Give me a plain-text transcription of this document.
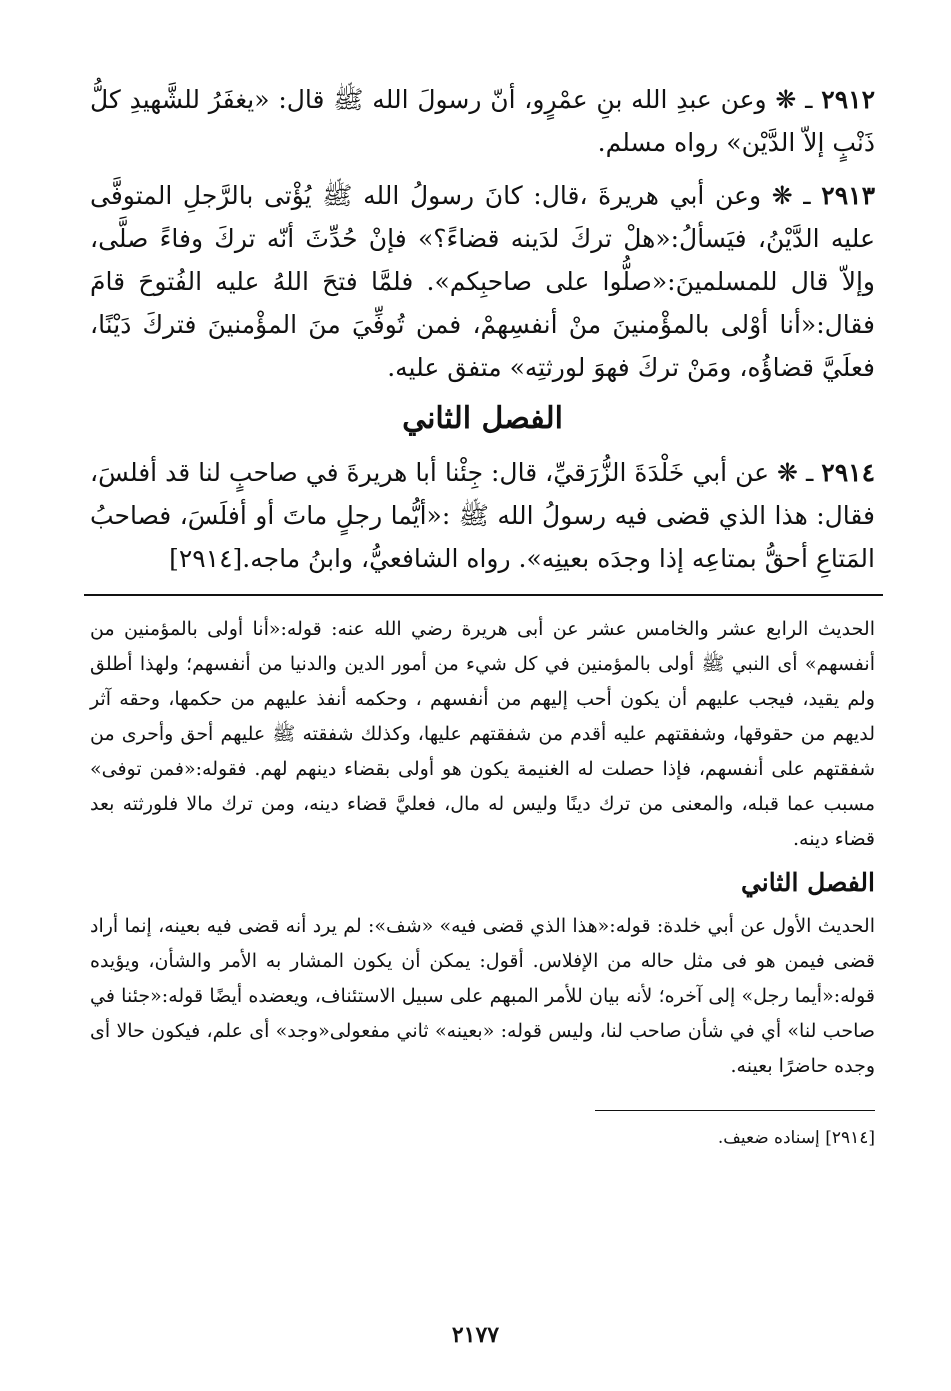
٢٩١٢ ـ ❋ وعن عبدِ الله بنِ عمْرٍو، أنّ رسولَ الله ﷺ قال: «يغفَرُ للشَّهيدِ كلُّ ذَنْبٍ إلاّ الدَّيْن» رواه مسلم.

٢٩١٣ ـ ❋ وعن أبي هريرةَ ،قال: كانَ رسولُ الله ﷺ يُؤْتى بالرَّجلِ المتوفَّى عليه الدَّيْنُ، فيَسألُ:«هلْ تركَ لدَينه قضاءً؟» فإنْ حُدِّثَ أنّه تركَ وفاءً صلَّى، وإلاّ قال للمسلمينَ:«صلُّوا على صاحبِكم». فلمَّا فتحَ اللهُ عليه الفُتوحَ قامَ فقال:«أنا أوْلى بالمؤْمنينَ منْ أنفسِهمْ، فمن تُوفِّيَ منَ المؤْمنينَ فتركَ دَيْنًا، فعلَيَّ قضاؤُه، ومَنْ تركَ فهوَ لورثتِه» متفق عليه.

الفصل الثاني

٢٩١٤ ـ ❋ عن أبي خَلْدَةَ الزُّرَقيِّ، قال: جِئْنا أبا هريرةَ في صاحبٍ لنا قد أفلسَ، فقال: هذا الذي قضى فيه رسولُ الله ﷺ :«أيُّما رجلٍ ماتَ أو أفلَسَ، فصاحبُ المَتاعِ أحقُّ بمتاعِه إذا وجدَه بعينِه». رواه الشافعيُّ، وابنُ ماجه.[٢٩١٤]

الحديث الرابع عشر والخامس عشر عن أبى هريرة رضي الله عنه: قوله:«أنا أولى بالمؤمنين من أنفسهم» أى النبي ﷺ أولى بالمؤمنين في كل شيء من أمور الدين والدنيا من أنفسهم؛ ولهذا أطلق ولم يقيد، فيجب عليهم أن يكون أحب إليهم من أنفسهم ، وحكمه أنفذ عليهم من حكمها، وحقه آثر لديهم من حقوقها، وشفقتهم عليه أقدم من شفقتهم عليها، وكذلك شفقته ﷺ عليهم أحق وأحرى من شفقتهم على أنفسهم، فإذا حصلت له الغنيمة يكون هو أولى بقضاء دينهم لهم. فقوله:«فمن توفى» مسبب عما قبله، والمعنى من ترك دينًا وليس له مال، فعليَّ قضاء دينه، ومن ترك مالا فلورثته بعد قضاء دينه.

الفصل الثاني

الحديث الأول عن أبي خلدة: قوله:«هذا الذي قضى فيه» «شف»: لم يرد أنه قضى فيه بعينه، إنما أراد قضى فيمن هو فى مثل حاله من الإفلاس. أقول: يمكن أن يكون المشار به الأمر والشأن، ويؤيده قوله:«أيما رجل» إلى آخره؛ لأنه بيان للأمر المبهم على سبيل الاستئناف، ويعضده أيضًا قوله:«جئنا في صاحب لنا» أي في شأن صاحب لنا، وليس قوله: «بعينه» ثاني مفعولى«وجد» أى علم، فيكون حالا أى وجده حاضرًا بعينه.

[٢٩١٤] إسناده ضعيف.

٢١٧٧
